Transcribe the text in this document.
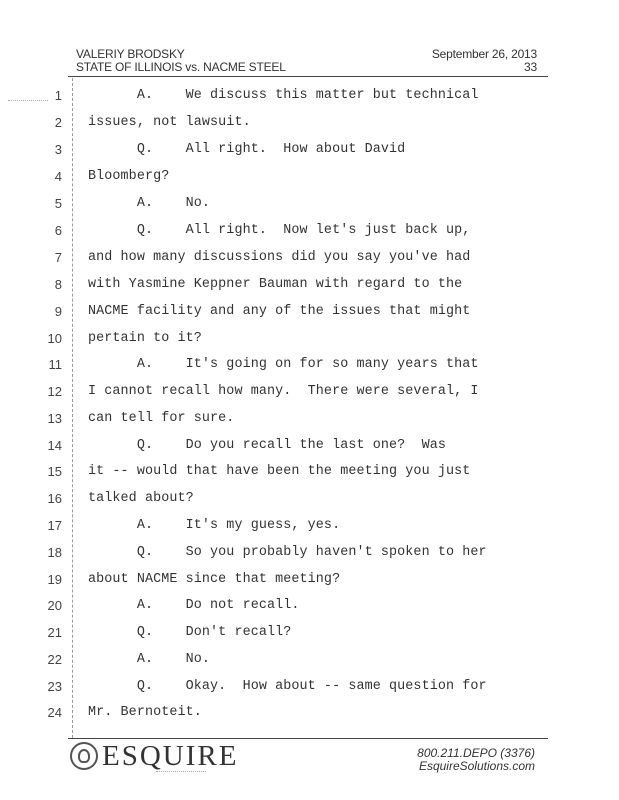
VALERIY BRODSKY
STATE OF ILLINOIS vs. NACME STEEL
September 26, 2013
33
1 A.    We discuss this matter but technical
2 issues, not lawsuit.
3 Q.    All right.  How about David
4 Bloomberg?
5 A.    No.
6 Q.    All right.  Now let's just back up,
7 and how many discussions did you say you've had
8 with Yasmine Keppner Bauman with regard to the
9 NACME facility and any of the issues that might
10 pertain to it?
11 A.    It's going on for so many years that
12 I cannot recall how many.  There were several, I
13 can tell for sure.
14 Q.    Do you recall the last one?  Was
15 it -- would that have been the meeting you just
16 talked about?
17 A.    It's my guess, yes.
18 Q.    So you probably haven't spoken to her
19 about NACME since that meeting?
20 A.    Do not recall.
21 Q.    Don't recall?
22 A.    No.
23 Q.    Okay.  How about -- same question for
24 Mr. Bernoteit.
ESQUIRE	800.211.DEPO (3376)
EsquireSolutions.com
